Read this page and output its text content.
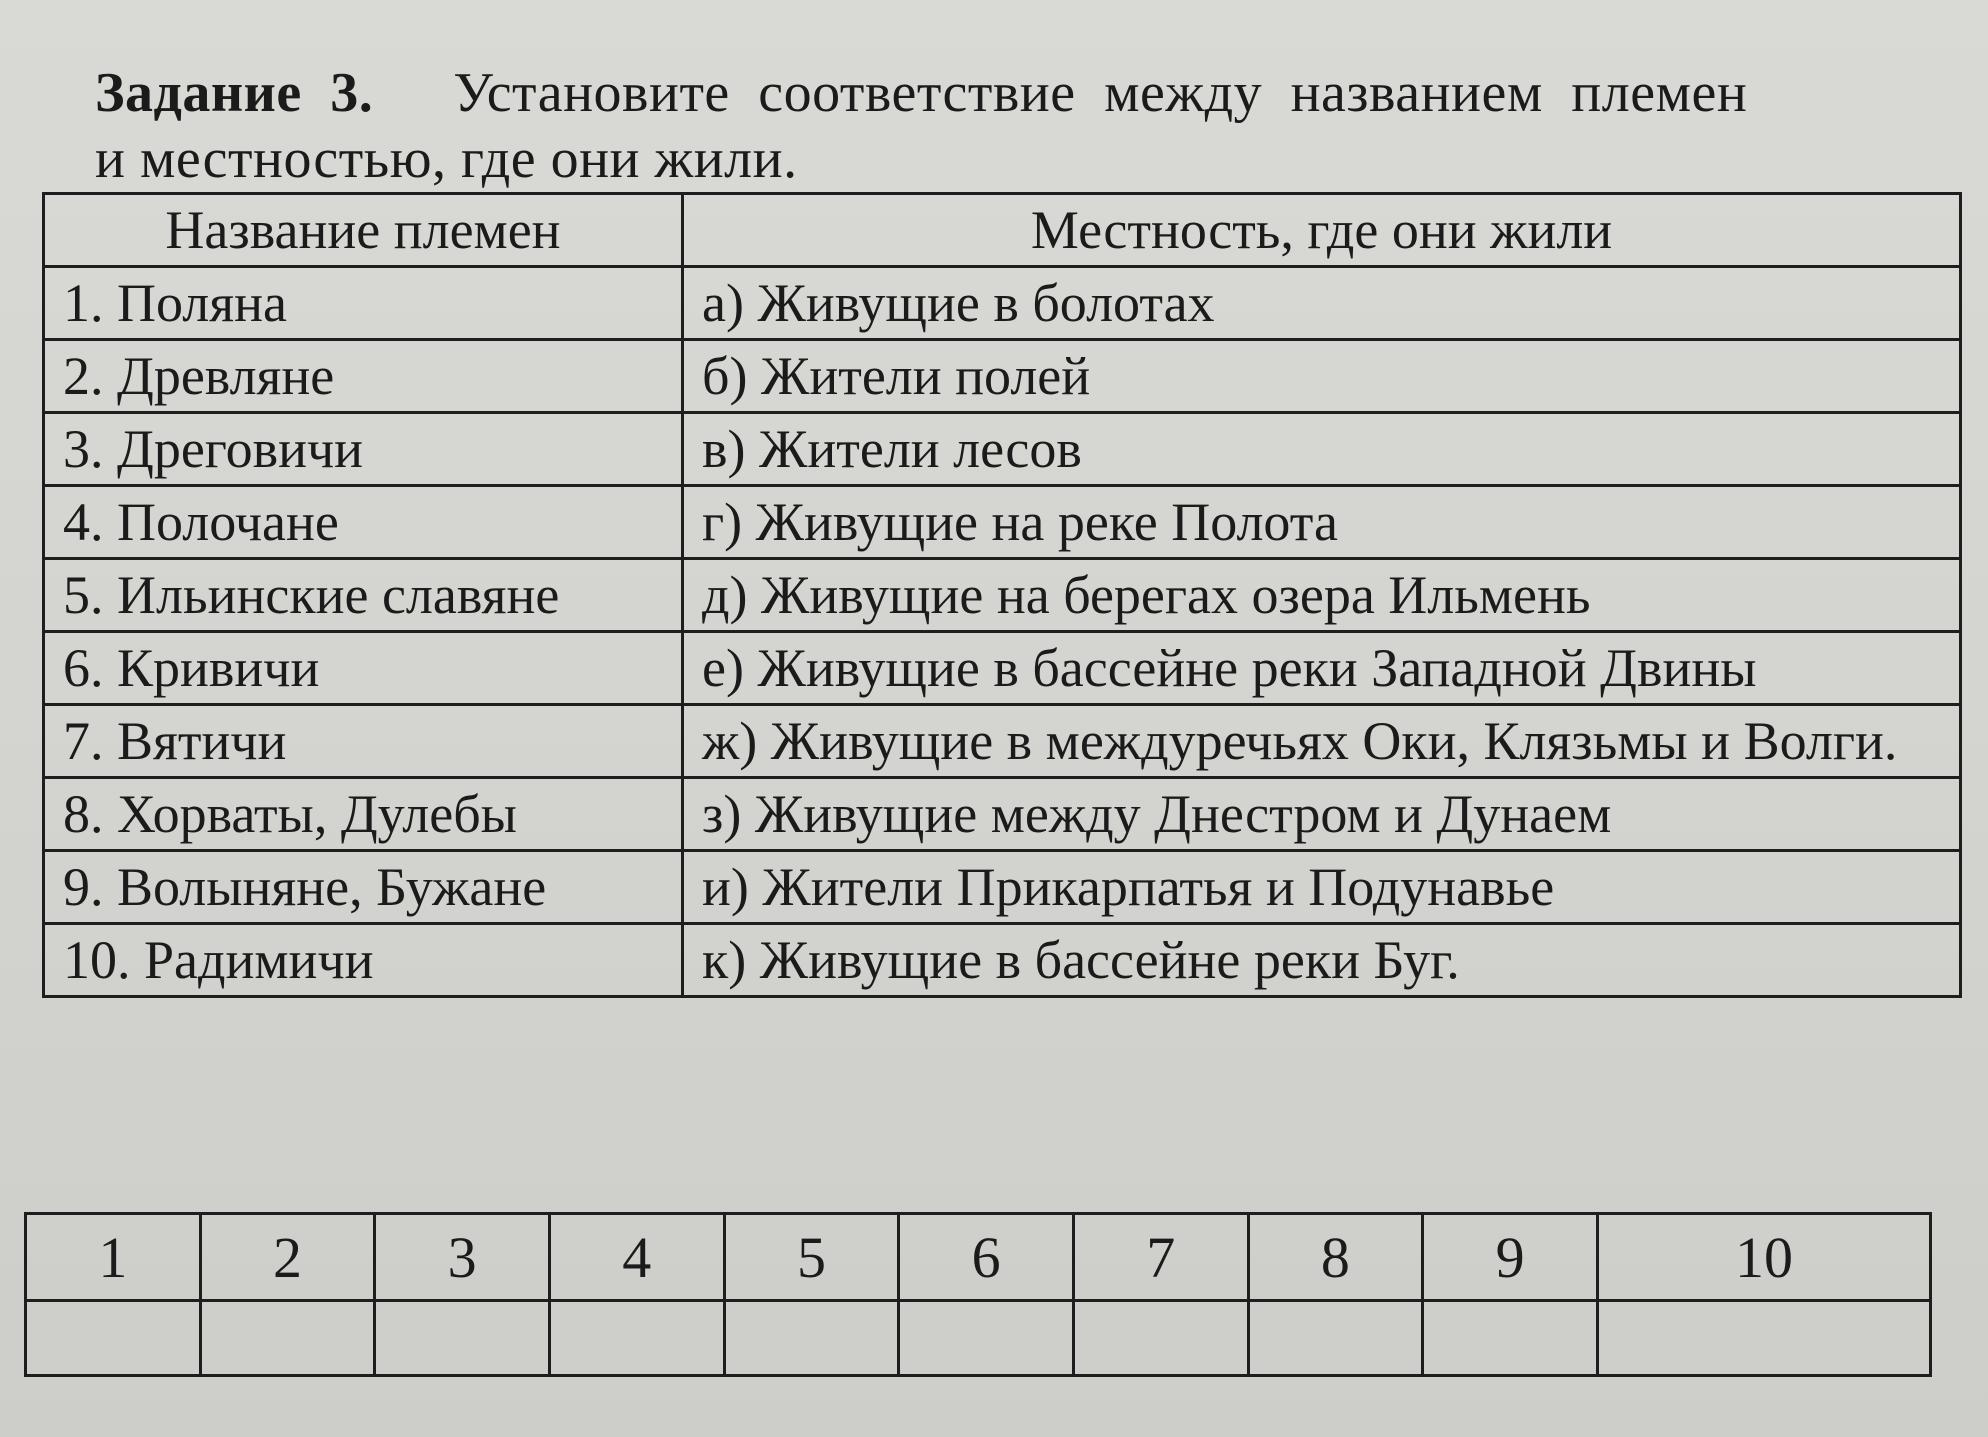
Задание 3. Установите соответствие между названием племен
и местностью, где они жили.
Название племен	Местность, где они жили
1. Поляна	а) Живущие в болотах
2. Древляне	б) Жители полей
3. Дреговичи	в) Жители лесов
4. Полочане	г) Живущие на реке Полота
5. Ильинские славяне	д) Живущие на берегах озера Ильмень
6. Кривичи	е) Живущие в бассейне реки Западной Двины
7. Вятичи	ж) Живущие в междуречьях Оки, Клязьмы и Волги.
8. Хорваты, Дулебы	з) Живущие между Днестром и Дунаем
9. Волыняне, Бужане	и) Жители Прикарпатья и Подунавье
10. Радимичи	к) Живущие в бассейне реки Буг.
1	2	3	4	5	6	7	8	9	10
